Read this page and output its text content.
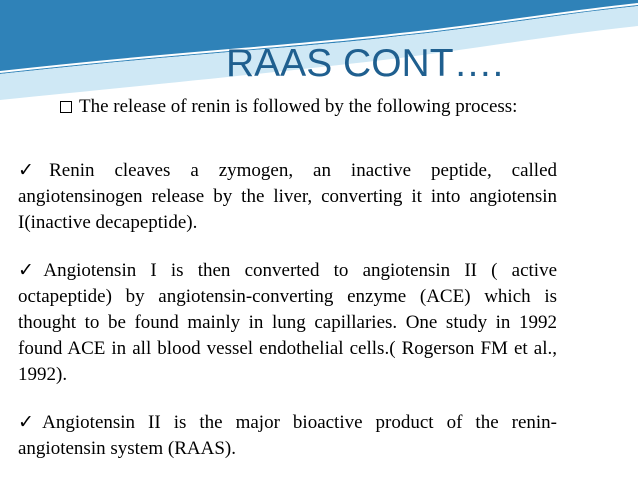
RAAS CONT….
The release of renin is followed by the following process:

✓Renin cleaves a zymogen, an inactive peptide, called angiotensinogen release by the liver, converting it into angiotensin I(inactive decapeptide).

✓Angiotensin I is then converted to angiotensin II ( active octapeptide) by angiotensin-converting enzyme (ACE) which is thought to be found mainly in lung capillaries. One study in 1992 found ACE in all blood vessel endothelial cells.( Rogerson FM et al., 1992).

✓Angiotensin II is the major bioactive product of the renin-angiotensin system (RAAS).
